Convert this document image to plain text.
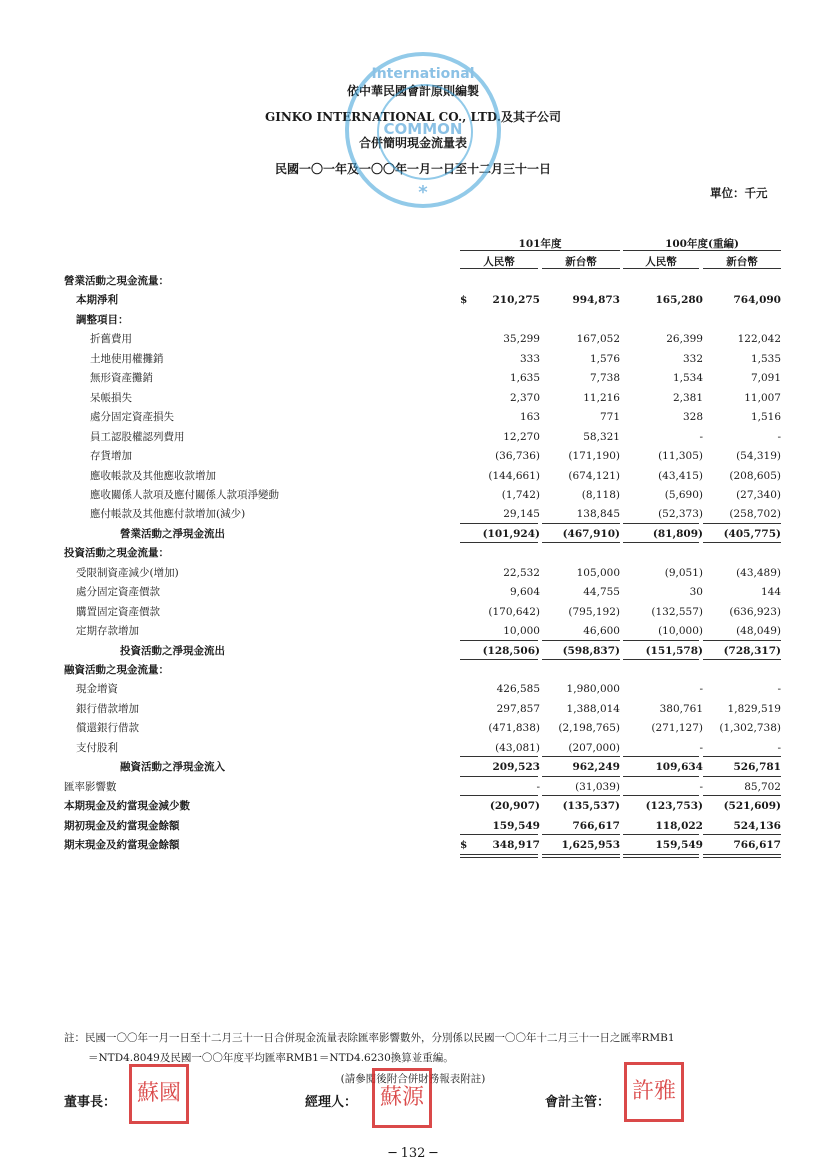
依中華民國會計原則編製
GINKO INTERNATIONAL CO., LTD.及其子公司
合併簡明現金流量表
民國一〇一年及一〇〇年一月一日至十二月三十一日
單位：千元
International
COMMON
*
101年度	100年度(重編)
人民幣	新台幣	人民幣	新台幣
營業活動之現金流量：
本期淨利	$	210,275	994,873	165,280	764,090
調整項目：
折舊費用	35,299	167,052	26,399	122,042
土地使用權攤銷	333	1,576	332	1,535
無形資產攤銷	1,635	7,738	1,534	7,091
呆帳損失	2,370	11,216	2,381	11,007
處分固定資產損失	163	771	328	1,516
員工認股權認列費用	12,270	58,321	-	-
存貨增加	(36,736)	(171,190)	(11,305)	(54,319)
應收帳款及其他應收款增加	(144,661)	(674,121)	(43,415)	(208,605)
應收關係人款項及應付關係人款項淨變動	(1,742)	(8,118)	(5,690)	(27,340)
應付帳款及其他應付款增加(減少)	29,145	138,845	(52,373)	(258,702)
營業活動之淨現金流出	(101,924)	(467,910)	(81,809)	(405,775)
投資活動之現金流量：
受限制資產減少(增加)	22,532	105,000	(9,051)	(43,489)
處分固定資產價款	9,604	44,755	30	144
購置固定資產價款	(170,642)	(795,192)	(132,557)	(636,923)
定期存款增加	10,000	46,600	(10,000)	(48,049)
投資活動之淨現金流出	(128,506)	(598,837)	(151,578)	(728,317)
融資活動之現金流量：
現金增資	426,585	1,980,000	-	-
銀行借款增加	297,857	1,388,014	380,761	1,829,519
償還銀行借款	(471,838)	(2,198,765)	(271,127)	(1,302,738)
支付股利	(43,081)	(207,000)	-	-
融資活動之淨現金流入	209,523	962,249	109,634	526,781
匯率影響數	-	(31,039)	-	85,702
本期現金及約當現金減少數	(20,907)	(135,537)	(123,753)	(521,609)
期初現金及約當現金餘額	159,549	766,617	118,022	524,136
期末現金及約當現金餘額	$	348,917	1,625,953	159,549	766,617
註：民國一〇〇年一月一日至十二月三十一日合併現金流量表除匯率影響數外，分別係以民國一〇〇年十二月三十一日之匯率RMB1
＝NTD4.8049及民國一〇〇年度平均匯率RMB1＝NTD4.6230換算並重編。
(請參閱後附合併財務報表附註)
董事長： 蘇國	經理人：	蘇源	會計主管： 許雅
─ 132 ─
